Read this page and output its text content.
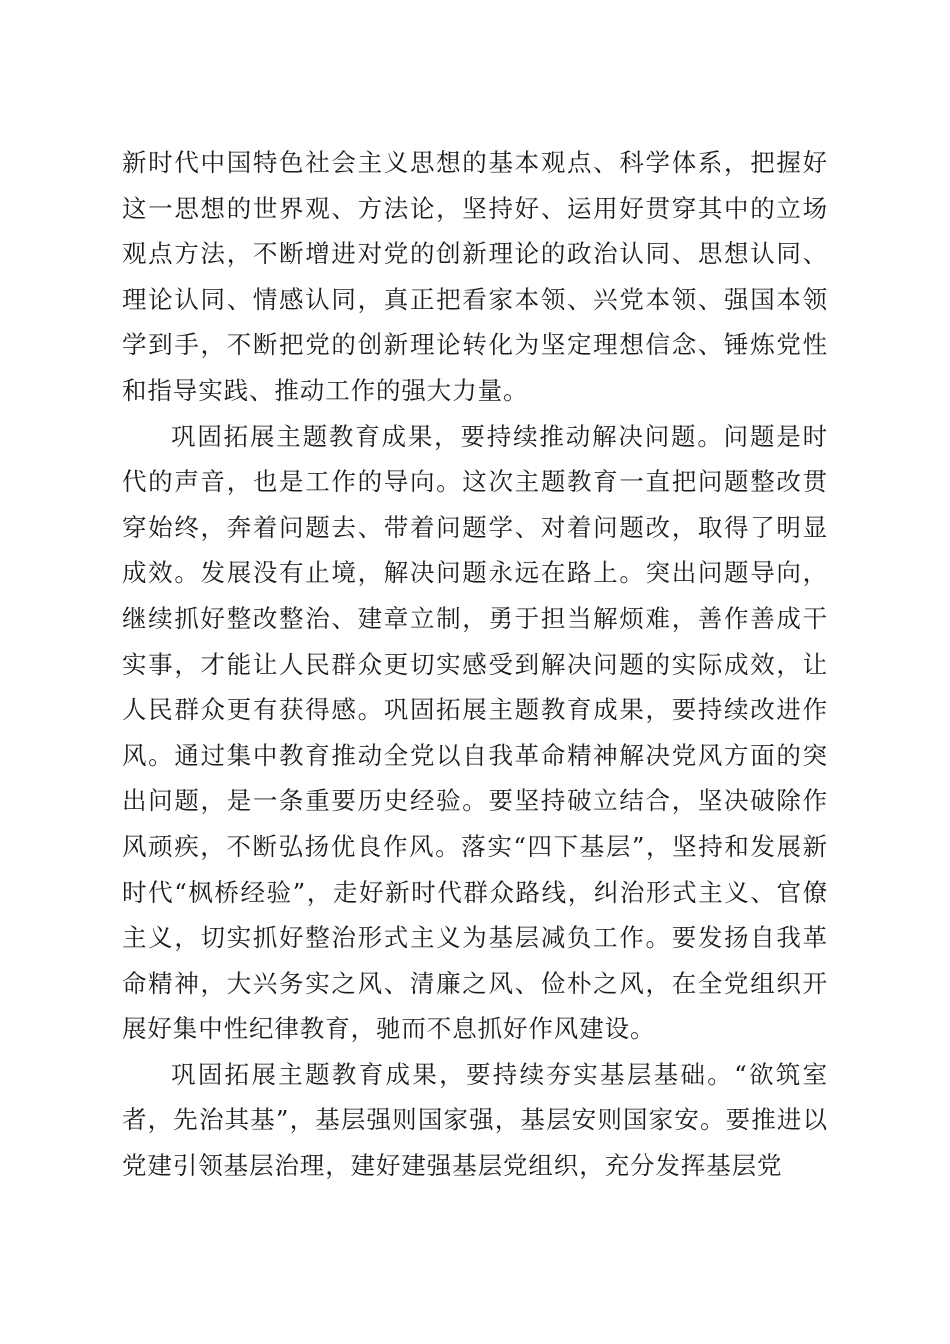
新时代中国特色社会主义思想的基本观点、科学体系，把握好这一思想的世界观、方法论，坚持好、运用好贯穿其中的立场观点方法，不断增进对党的创新理论的政治认同、思想认同、理论认同、情感认同，真正把看家本领、兴党本领、强国本领学到手，不断把党的创新理论转化为坚定理想信念、锤炼党性和指导实践、推动工作的强大力量。

巩固拓展主题教育成果，要持续推动解决问题。问题是时代的声音，也是工作的导向。这次主题教育一直把问题整改贯穿始终，奔着问题去、带着问题学、对着问题改，取得了明显成效。发展没有止境，解决问题永远在路上。突出问题导向，继续抓好整改整治、建章立制，勇于担当解烦难，善作善成干实事，才能让人民群众更切实感受到解决问题的实际成效，让人民群众更有获得感。巩固拓展主题教育成果，要持续改进作风。通过集中教育推动全党以自我革命精神解决党风方面的突出问题，是一条重要历史经验。要坚持破立结合，坚决破除作风顽疾，不断弘扬优良作风。落实“四下基层”，坚持和发展新时代“枫桥经验”，走好新时代群众路线，纠治形式主义、官僚主义，切实抓好整治形式主义为基层减负工作。要发扬自我革命精神，大兴务实之风、清廉之风、俭朴之风，在全党组织开展好集中性纪律教育，驰而不息抓好作风建设。

巩固拓展主题教育成果，要持续夯实基层基础。“欲筑室者，先治其基”，基层强则国家强，基层安则国家安。要推进以党建引领基层治理，建好建强基层党组织，充分发挥基层党
